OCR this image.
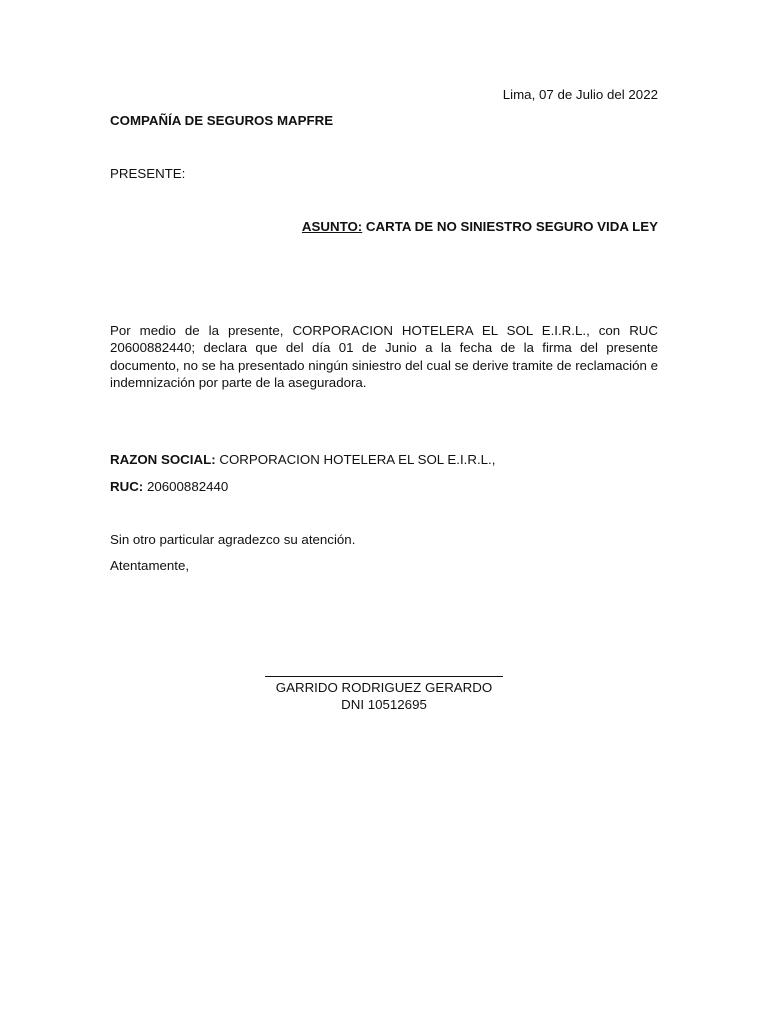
Lima, 07 de Julio del 2022
COMPAÑÍA DE SEGUROS MAPFRE
PRESENTE:
ASUNTO: CARTA DE NO SINIESTRO SEGURO VIDA LEY
Por medio de la presente, CORPORACION HOTELERA EL SOL E.I.R.L., con RUC 20600882440; declara que del día 01 de Junio a la fecha de la firma del presente documento, no se ha presentado ningún siniestro del cual se derive tramite de reclamación e indemnización por parte de la aseguradora.
RAZON SOCIAL: CORPORACION HOTELERA EL SOL E.I.R.L.,
RUC: 20600882440
Sin otro particular agradezco su atención.
Atentamente,
GARRIDO RODRIGUEZ GERARDO
DNI 10512695
